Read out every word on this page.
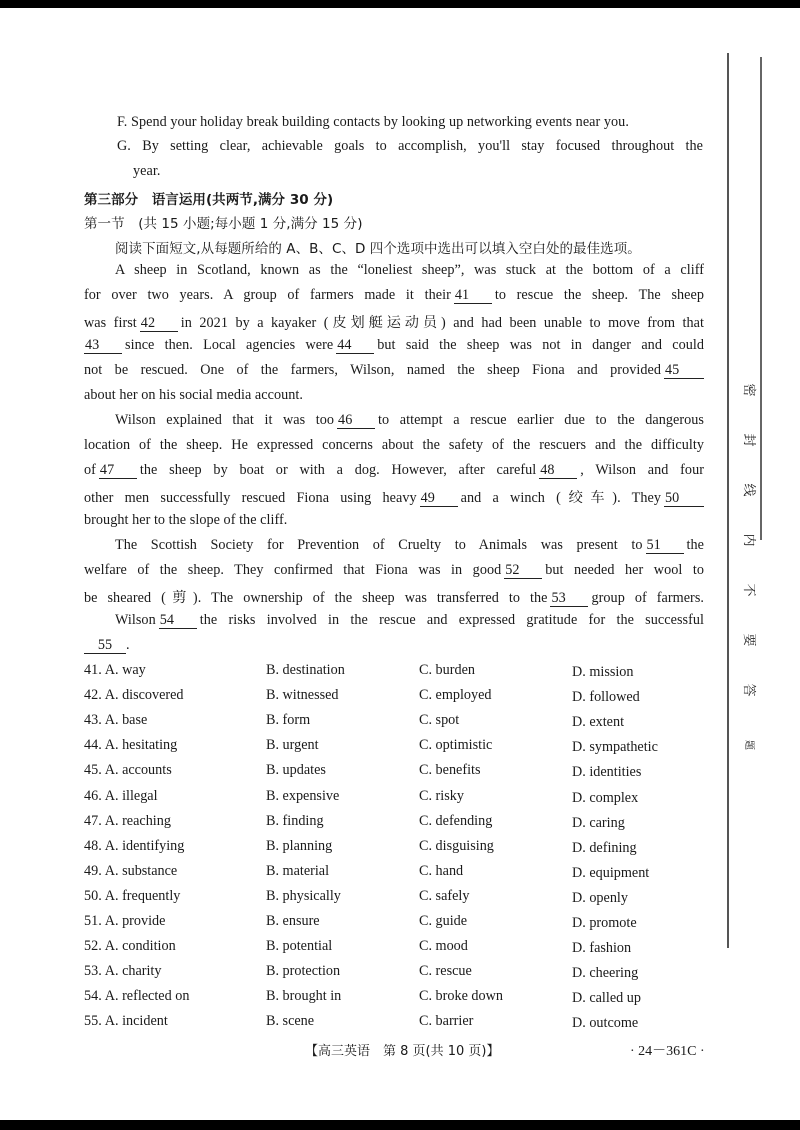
F. Spend your holiday break building contacts by looking up networking events near you.
G. By setting clear, achievable goals to accomplish, you'll stay focused throughout the
year.
第三部分　语言运用(共两节,满分 30 分)
第一节　(共 15 小题;每小题 1 分,满分 15 分)
阅读下面短文,从每题所给的 A、B、C、D 四个选项中选出可以填入空白处的最佳选项。
A sheep in Scotland, known as the “loneliest sheep”, was stuck at the bottom of a cliff
for over two years. A group of farmers made it their 41 to rescue the sheep. The sheep
was first 42 in 2021 by a kayaker (皮划艇运动员) and had been unable to move from that
43 since then. Local agencies were 44 but said the sheep was not in danger and could
not be rescued. One of the farmers, Wilson, named the sheep Fiona and provided 45
about her on his social media account.
Wilson explained that it was too 46 to attempt a rescue earlier due to the dangerous
location of the sheep. He expressed concerns about the safety of the rescuers and the difficulty
of 47 the sheep by boat or with a dog. However, after careful 48 , Wilson and four
other men successfully rescued Fiona using heavy 49 and a winch (绞车). They 50
brought her to the slope of the cliff.
The Scottish Society for Prevention of Cruelty to Animals was present to 51 the
welfare of the sheep. They confirmed that Fiona was in good 52 but needed her wool to
be sheared (剪). The ownership of the sheep was transferred to the 53 group of farmers.
Wilson 54 the risks involved in the rescue and expressed gratitude for the successful
55 .
41. A. way	B. destination	C. burden	D. mission
42. A. discovered	B. witnessed	C. employed	D. followed
43. A. base	B. form	C. spot	D. extent
44. A. hesitating	B. urgent	C. optimistic	D. sympathetic
45. A. accounts	B. updates	C. benefits	D. identities
46. A. illegal	B. expensive	C. risky	D. complex
47. A. reaching	B. finding	C. defending	D. caring
48. A. identifying	B. planning	C. disguising	D. defining
49. A. substance	B. material	C. hand	D. equipment
50. A. frequently	B. physically	C. safely	D. openly
51. A. provide	B. ensure	C. guide	D. promote
52. A. condition	B. potential	C. mood	D. fashion
53. A. charity	B. protection	C. rescue	D. cheering
54. A. reflected on	B. brought in	C. broke down	D. called up
55. A. incident	B. scene	C. barrier	D. outcome
密
封
线
内
不
要
答
题
【高三英语　第 8 页(共 10 页)】	· 24－361C ·
